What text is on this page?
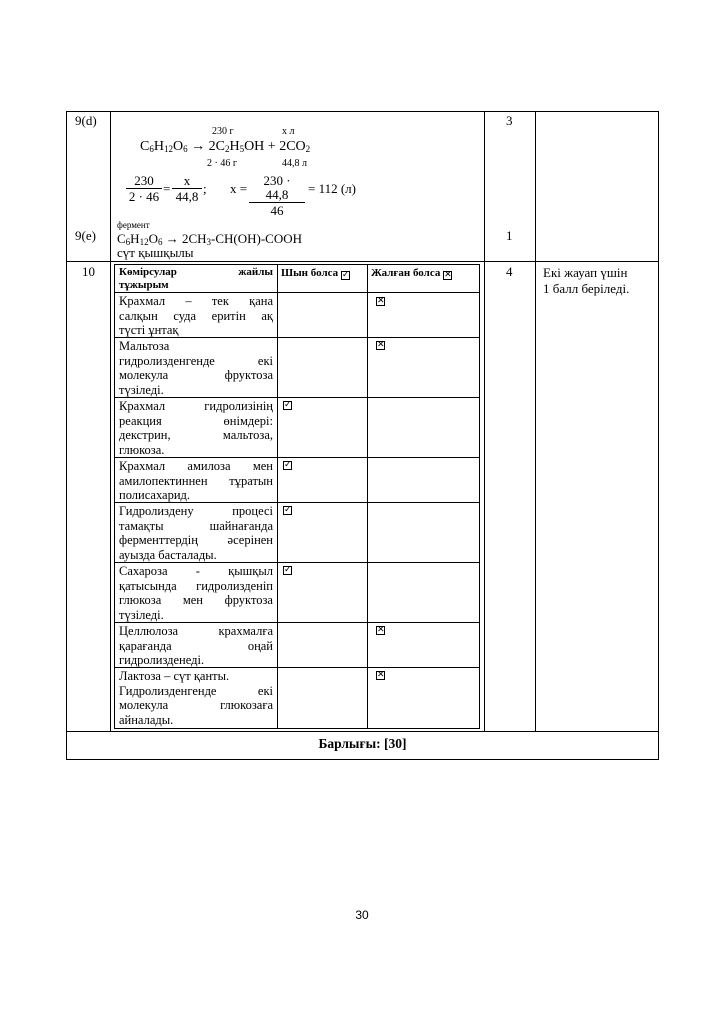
9(d)	3
230 г	x л
$C_6H_{12}O_6 \to 2C_2H_5OH + 2CO_2$
2 · 46 г	44,8 л
$\frac{230}{2 \cdot 46} = \frac{x}{44,8}$ ; $x = \frac{230 \cdot 44,8}{46} = 112$ (л)
9(e)	1
фермент
$C_6H_{12}O_6$ → $2CH_3-CH(OH)$-COOH
сүт қышқылы
10	4 Екі жауап үшін
1 балл беріледі.
Көмірсулар жайлы
тұжырым
Шын болса ✓ Жалған болса ✕
Крахмал – тек қана
салқын суда еритін ақ
түсті ұнтақ
✕
Мальтоза
гидролизденгенде екі
молекула фруктоза
түзіледі.
✕
Крахмал гидролизінің
реакция өнімдері:
декстрин, мальтоза,
глюкоза.
✓
Крахмал амилоза мен
амилопектиннен тұратын
полисахарид.
✓
Гидролиздену процесі
тамақты шайнағанда
ферменттердің әсерінен
ауызда басталады.
✓
Сахароза - қышқыл
қатысында гидролизденіп
глюкоза мен фруктоза
түзіледі.
✓
Целлюлоза крахмалға
қарағанда оңай
гидролизденеді.
✕
Лактоза – сүт қанты.
Гидролизденгенде екі
молекула глюкозаға
айналады.
✕
Барлығы: [30]
30
